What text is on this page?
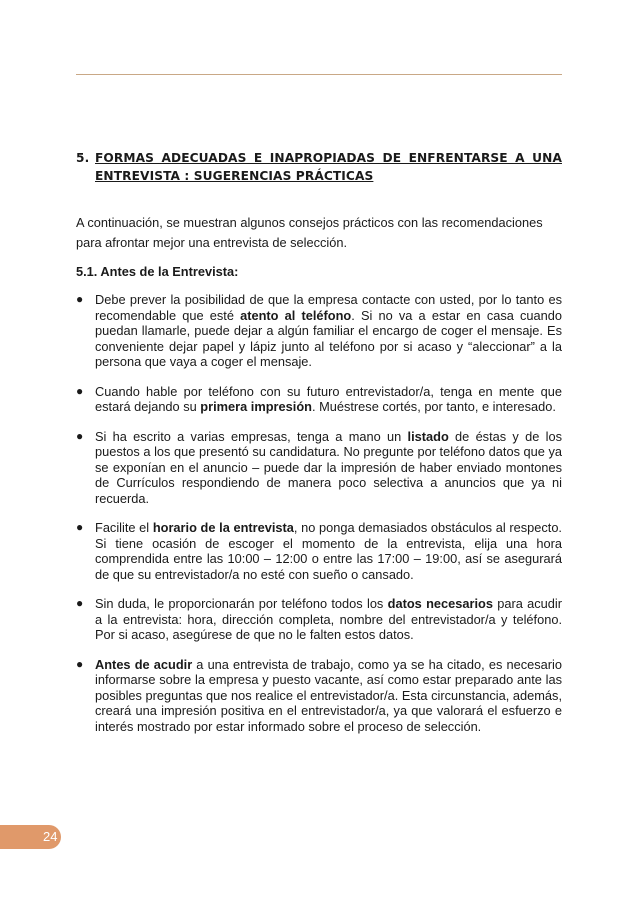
5. FORMAS ADECUADAS E INAPROPIADAS DE ENFRENTARSE A UNA ENTREVISTA : SUGERENCIAS PRÁCTICAS

A continuación, se muestran algunos consejos prácticos con las recomendaciones para afrontar mejor una entrevista de selección.

5.1. Antes de la Entrevista:
● Debe prever la posibilidad de que la empresa contacte con usted, por lo tanto es recomendable que esté atento al teléfono. Si no va a estar en casa cuando puedan llamarle, puede dejar a algún familiar el encargo de coger el mensaje. Es conveniente dejar papel y lápiz junto al teléfono por si acaso y “aleccionar” a la persona que vaya a coger el mensaje.
● Cuando hable por teléfono con su futuro entrevistador/a, tenga en mente que estará dejando su primera impresión. Muéstrese cortés, por tanto, e interesado.
● Si ha escrito a varias empresas, tenga a mano un listado de éstas y de los puestos a los que presentó su candidatura. No pregunte por teléfono datos que ya se exponían en el anuncio – puede dar la impresión de haber enviado montones de Currículos respondiendo de manera poco selectiva a anuncios que ya ni recuerda.
● Facilite el horario de la entrevista, no ponga demasiados obstáculos al respecto. Si tiene ocasión de escoger el momento de la entrevista, elija una hora comprendida entre las 10:00 – 12:00 o entre las 17:00 – 19:00, así se asegurará de que su entrevistador/a no esté con sueño o cansado.
● Sin duda, le proporcionarán por teléfono todos los datos necesarios para acudir a la entrevista: hora, dirección completa, nombre del entrevistador/a y teléfono. Por si acaso, asegúrese de que no le falten estos datos.
● Antes de acudir a una entrevista de trabajo, como ya se ha citado, es necesario informarse sobre la empresa y puesto vacante, así como estar preparado ante las posibles preguntas que nos realice el entrevistador/a. Esta circunstancia, además, creará una impresión positiva en el entrevistador/a, ya que valorará el esfuerzo e interés mostrado por estar informado sobre el proceso de selección.
24
